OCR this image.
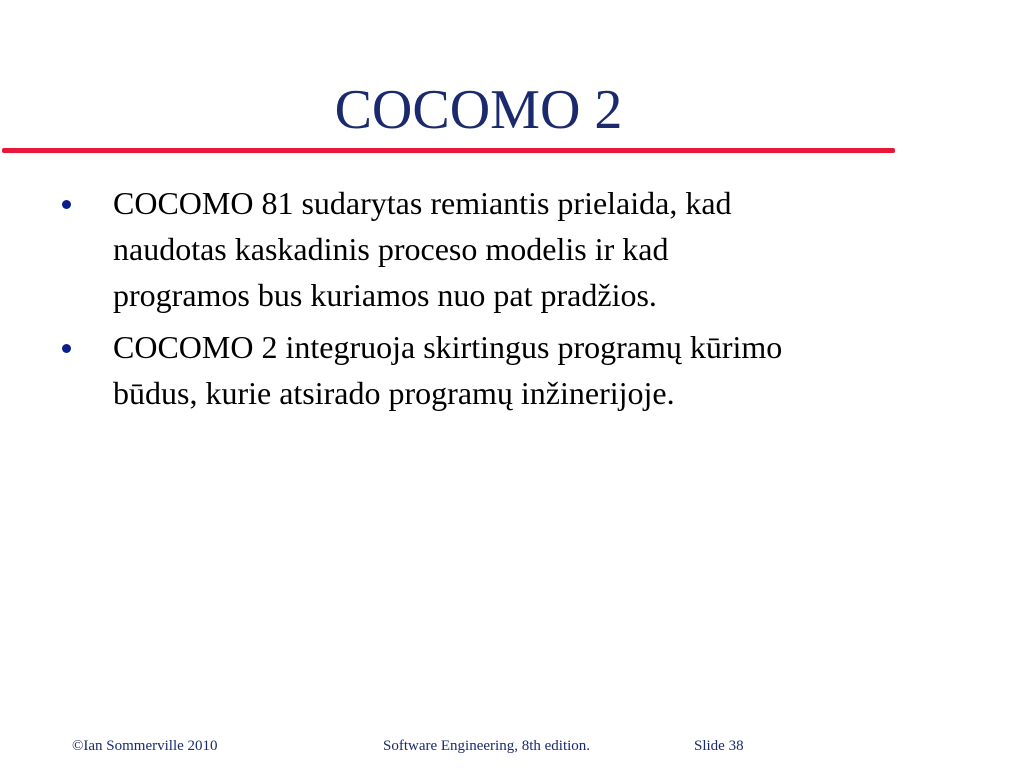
COCOMO 2
COCOMO 81 sudarytas remiantis prielaida, kad
naudotas kaskadinis proceso modelis ir kad
programos bus kuriamos nuo pat pradžios.
COCOMO 2 integruoja skirtingus programų kūrimo
būdus, kurie atsirado programų inžinerijoje.
©Ian Sommerville 2010	Software Engineering, 8th edition.	Slide 38
